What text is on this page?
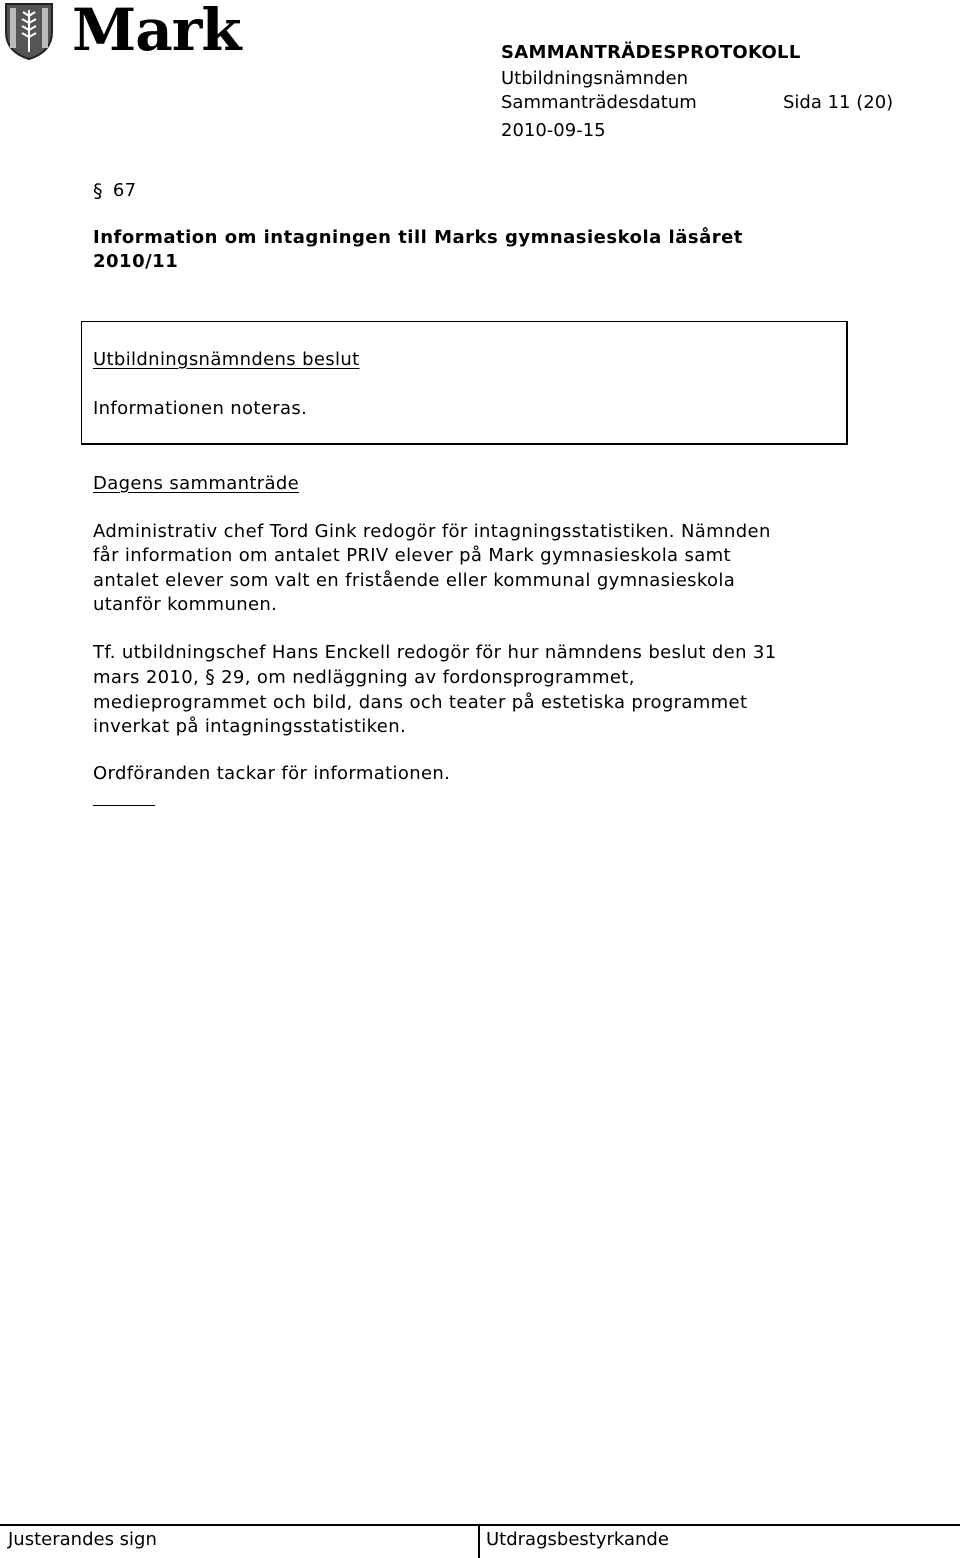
Mark	SAMMANTRÄDESPROTOKOLL
Utbildningsnämnden
Sammanträdesdatum	Sida 11 (20)
2010-09-15
§ 67
Information om intagningen till Marks gymnasieskola läsåret
2010/11
Utbildningsnämndens beslut
Informationen noteras.
Dagens sammanträde
Administrativ chef Tord Gink redogör för intagningsstatistiken. Nämnden
får information om antalet PRIV elever på Mark gymnasieskola samt
antalet elever som valt en fristående eller kommunal gymnasieskola
utanför kommunen.
Tf. utbildningschef Hans Enckell redogör för hur nämndens beslut den 31
mars 2010, § 29, om nedläggning av fordonsprogrammet,
medieprogrammet och bild, dans och teater på estetiska programmet
inverkat på intagningsstatistiken.
Ordföranden tackar för informationen.
Justerandes sign	Utdragsbestyrkande
